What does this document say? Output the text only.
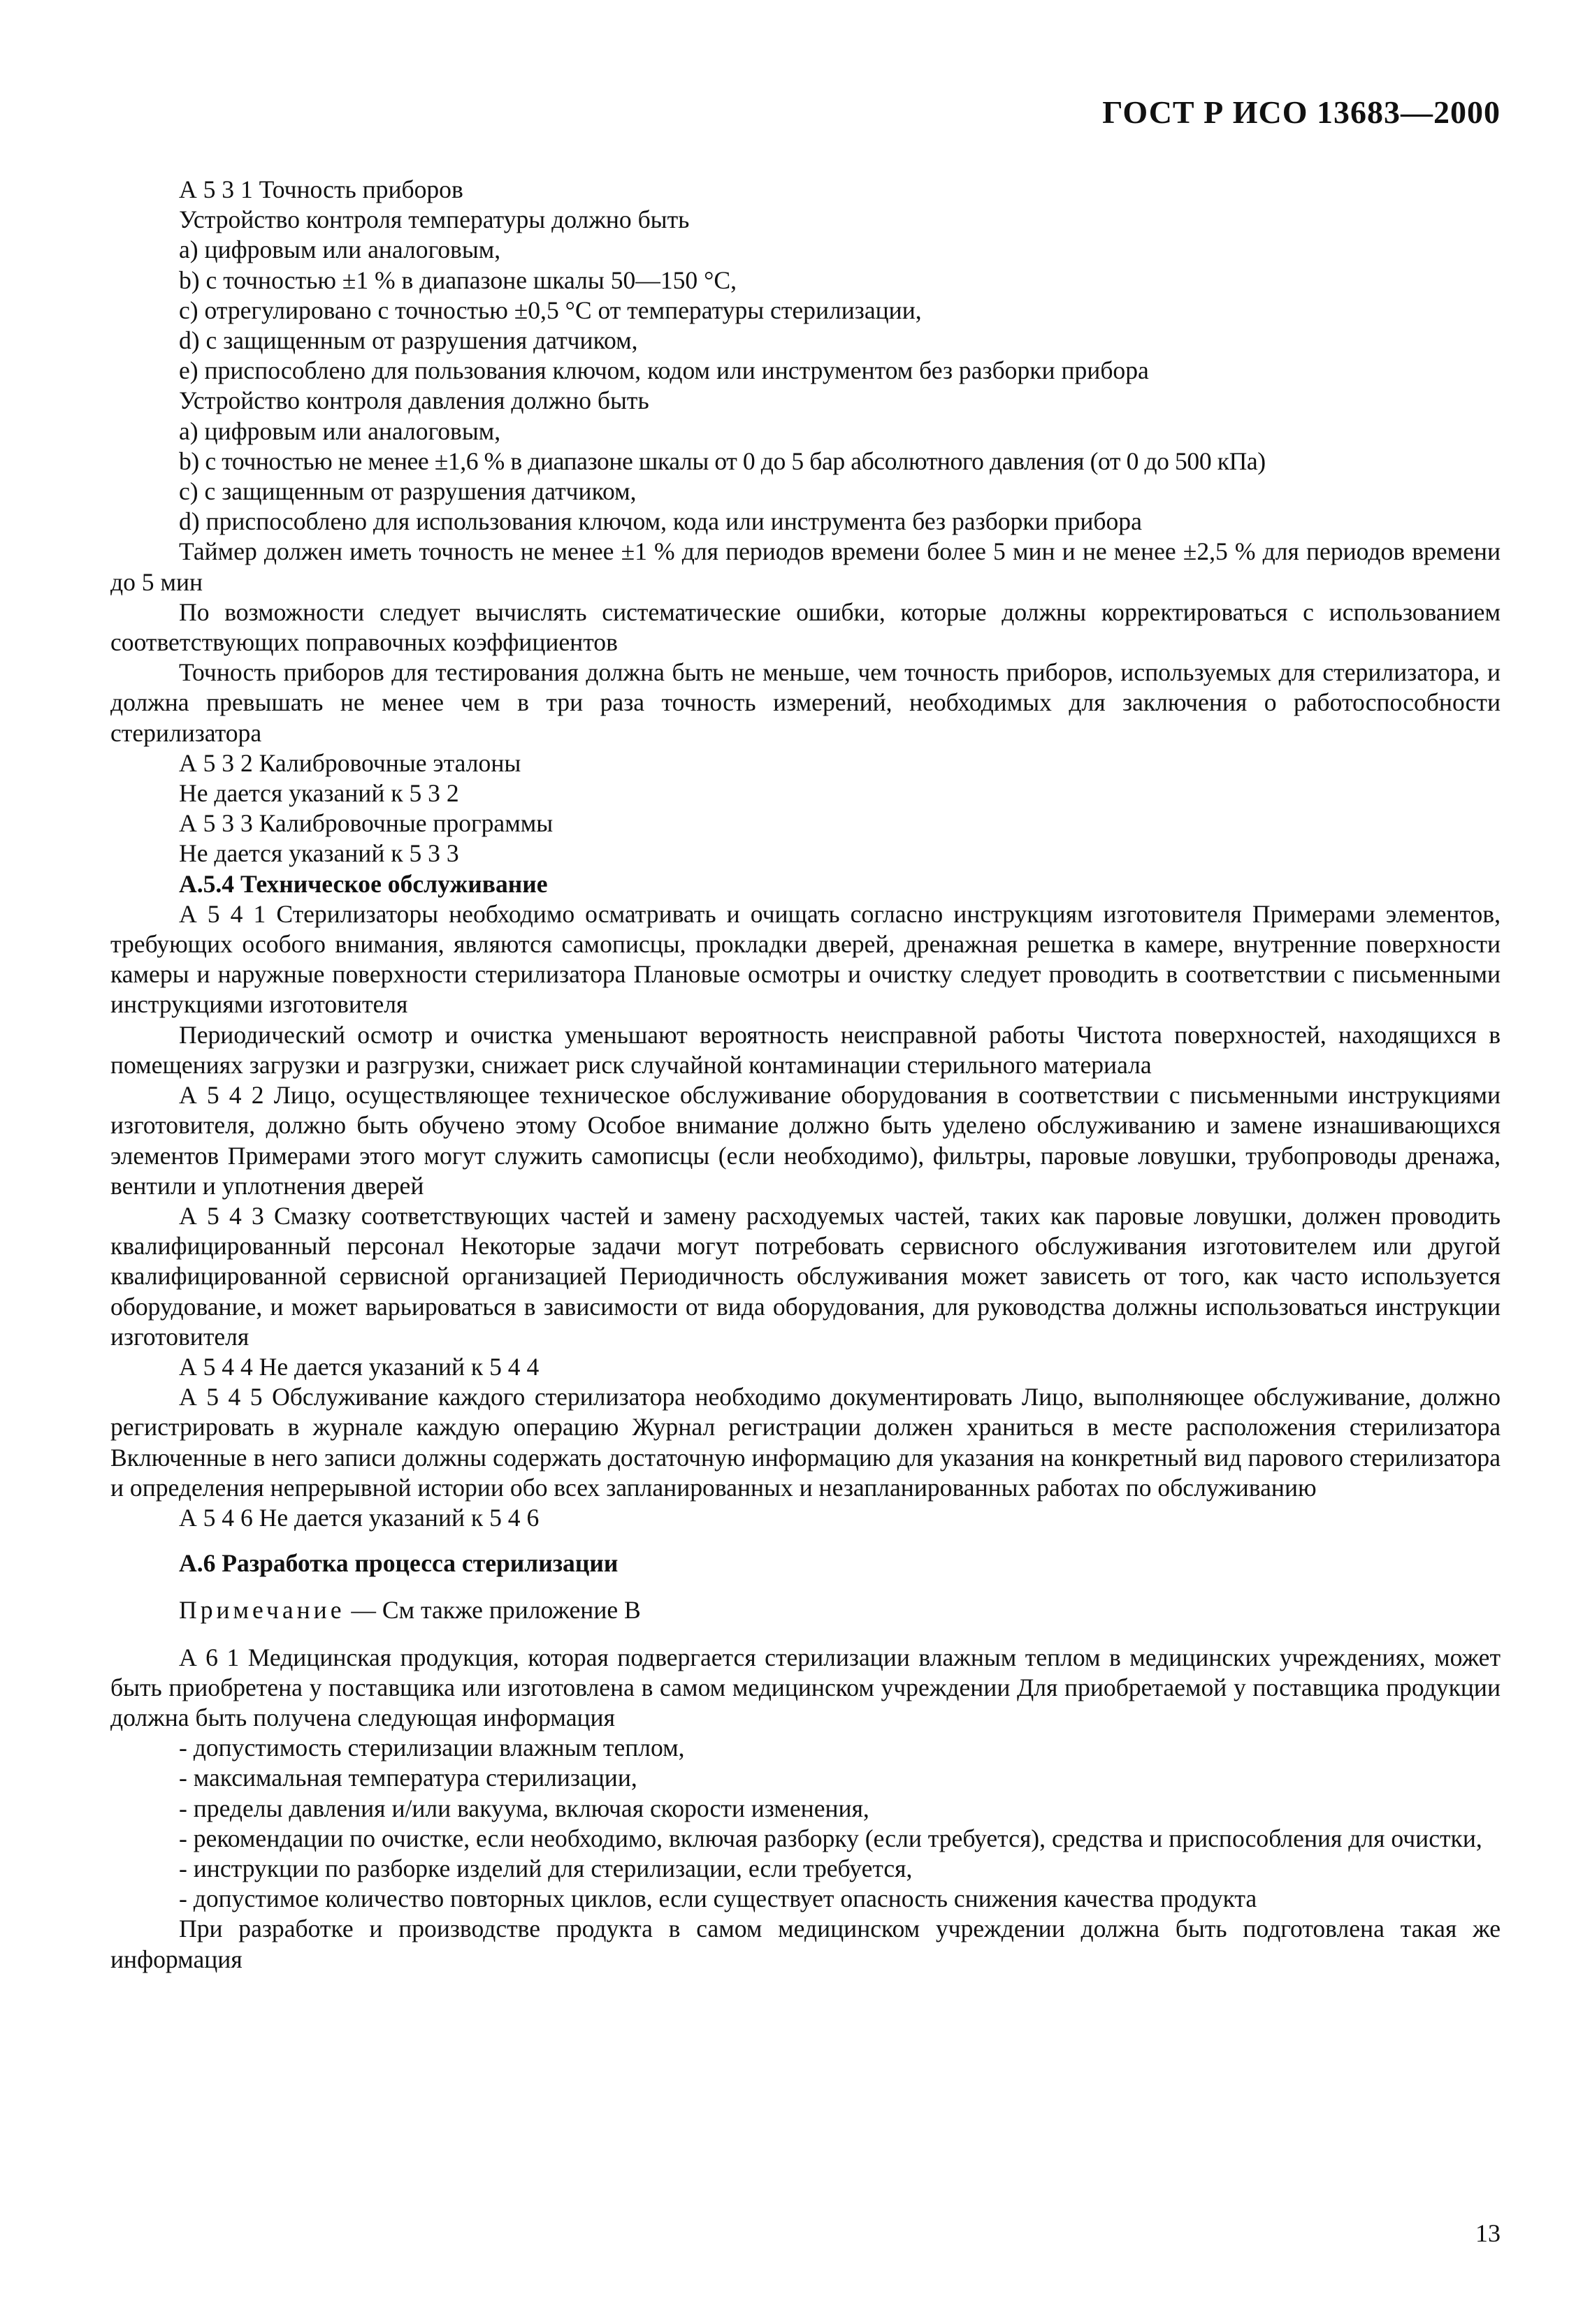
ГОСТ Р ИСО 13683—2000

А 5 3 1 Точность приборов

Устройство контроля температуры должно быть

a) цифровым или аналоговым,

b) с точностью ±1 % в диапазоне шкалы 50—150 °С,

c) отрегулировано с точностью ±0,5 °С от температуры стерилизации,

d) с защищенным от разрушения датчиком,

e) приспособлено для пользования ключом, кодом или инструментом без разборки прибора

Устройство контроля давления должно быть

a) цифровым или аналоговым,

b) с точностью не менее ±1,6 % в диапазоне шкалы от 0 до 5 бар абсолютного давления (от 0 до 500 кПа)

c) с защищенным от разрушения датчиком,

d) приспособлено для использования ключом, кода или инструмента без разборки прибора

Таймер должен иметь точность не менее ±1 % для периодов времени более 5 мин и не менее ±2,5 % для периодов времени до 5 мин

По возможности следует вычислять систематические ошибки, которые должны корректироваться с использованием соответствующих поправочных коэффициентов

Точность приборов для тестирования должна быть не меньше, чем точность приборов, используемых для стерилизатора, и должна превышать не менее чем в три раза точность измерений, необходимых для заключения о работоспособности стерилизатора

А 5 3 2 Калибровочные эталоны

Не дается указаний к 5 3 2

А 5 3 3 Калибровочные программы

Не дается указаний к 5 3 3

А.5.4 Техническое обслуживание

А 5 4 1 Стерилизаторы необходимо осматривать и очищать согласно инструкциям изготовителя Примерами элементов, требующих особого внимания, являются самописцы, прокладки дверей, дренажная решетка в камере, внутренние поверхности камеры и наружные поверхности стерилизатора Плановые осмотры и очистку следует проводить в соответствии с письменными инструкциями изготовителя

Периодический осмотр и очистка уменьшают вероятность неисправной работы Чистота поверхностей, находящихся в помещениях загрузки и разгрузки, снижает риск случайной контаминации стерильного материала

А 5 4 2 Лицо, осуществляющее техническое обслуживание оборудования в соответствии с письменными инструкциями изготовителя, должно быть обучено этому Особое внимание должно быть уделено обслуживанию и замене изнашивающихся элементов Примерами этого могут служить самописцы (если необходимо), фильтры, паровые ловушки, трубопроводы дренажа, вентили и уплотнения дверей

А 5 4 3 Смазку соответствующих частей и замену расходуемых частей, таких как паровые ловушки, должен проводить квалифицированный персонал Некоторые задачи могут потребовать сервисного обслуживания изготовителем или другой квалифицированной сервисной организацией Периодичность обслуживания может зависеть от того, как часто используется оборудование, и может варьироваться в зависимости от вида оборудования, для руководства должны использоваться инструкции изготовителя

А 5 4 4 Не дается указаний к 5 4 4

А 5 4 5 Обслуживание каждого стерилизатора необходимо документировать Лицо, выполняющее обслуживание, должно регистрировать в журнале каждую операцию Журнал регистрации должен храниться в месте расположения стерилизатора Включенные в него записи должны содержать достаточную информацию для указания на конкретный вид парового стерилизатора и определения непрерывной истории обо всех запланированных и незапланированных работах по обслуживанию

А 5 4 6 Не дается указаний к 5 4 6

А.6 Разработка процесса стерилизации

Примечание — См также приложение В

А 6 1 Медицинская продукция, которая подвергается стерилизации влажным теплом в медицинских учреждениях, может быть приобретена у поставщика или изготовлена в самом медицинском учреждении Для приобретаемой у поставщика продукции должна быть получена следующая информация

- допустимость стерилизации влажным теплом,

- максимальная температура стерилизации,

- пределы давления и/или вакуума, включая скорости изменения,

- рекомендации по очистке, если необходимо, включая разборку (если требуется), средства и приспособления для очистки,

- инструкции по разборке изделий для стерилизации, если требуется,

- допустимое количество повторных циклов, если существует опасность снижения качества продукта

При разработке и производстве продукта в самом медицинском учреждении должна быть подготовлена такая же информация

13
